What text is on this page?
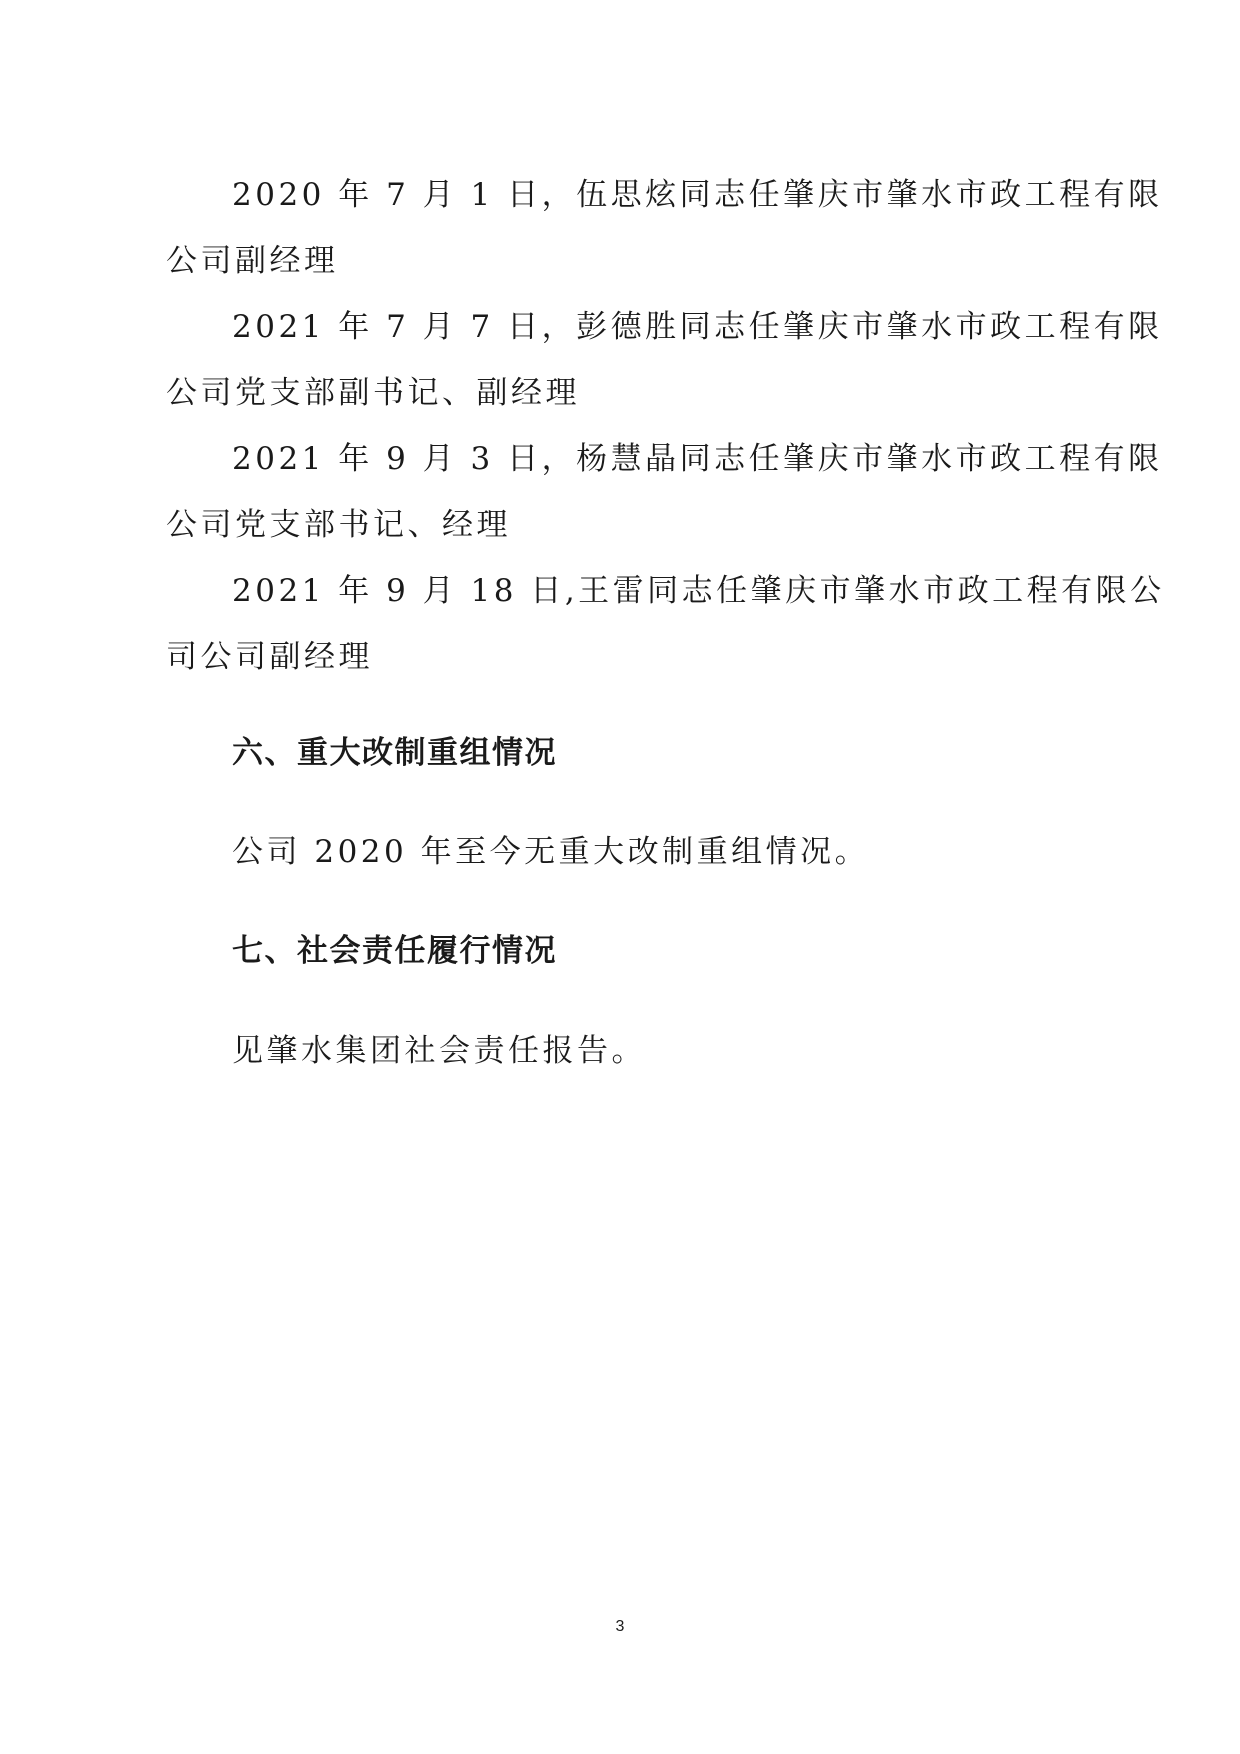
2020 年 7 月 1 日，伍思炫同志任肇庆市肇水市政工程有限
公司副经理
2021 年 7 月 7 日，彭德胜同志任肇庆市肇水市政工程有限
公司党支部副书记、副经理
2021 年 9 月 3 日，杨慧晶同志任肇庆市肇水市政工程有限
公司党支部书记、经理
2021 年 9 月 18 日,王雷同志任肇庆市肇水市政工程有限公
司公司副经理
六、重大改制重组情况
公司 2020 年至今无重大改制重组情况。
七、社会责任履行情况
见肇水集团社会责任报告。
3
